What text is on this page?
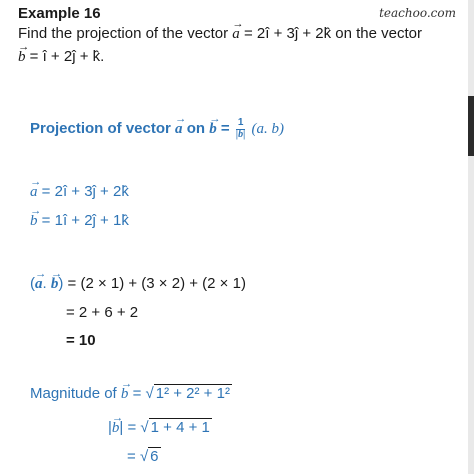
teachoo.com
Example 16
Find the projection of the vector → a = 2î + 3ĵ + 2k̂ on the vector
→ b = î + 2ĵ + k̂.
Projection of vector → a on → $b = \frac{1}{|b|} (a$. b)
→ a = 2î + 3ĵ + 2k̂
→ b = 1î + 2ĵ + 1k̂
(→ a. → b) = (2 × 1) + (3 × 2) + (2 × 1)
= 2 + 6 + 2
= 10
Magnitude of → b = √ 1² + 2² + 1²
|→ b| = √ 1 + 4 + 1
= √ 6
